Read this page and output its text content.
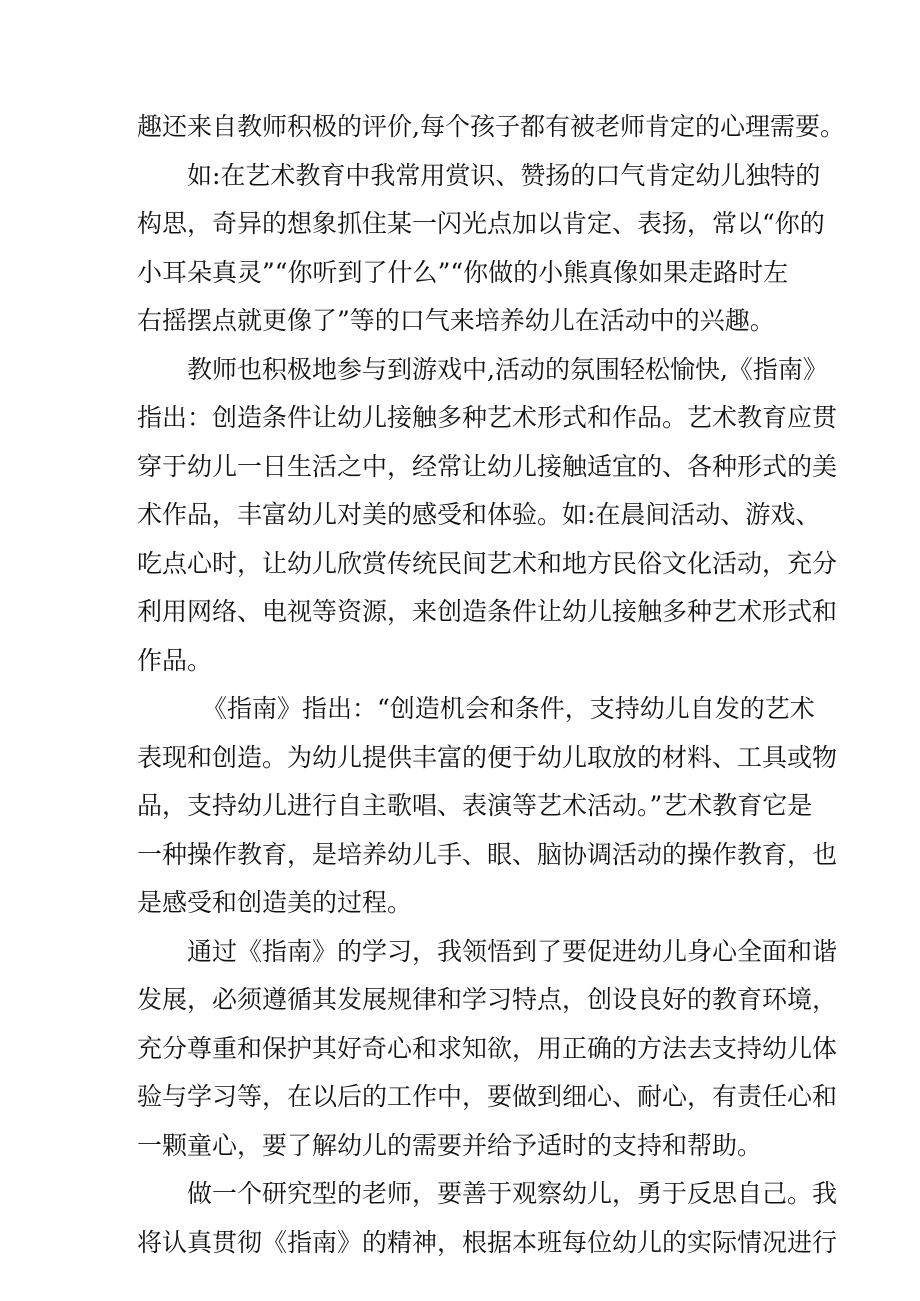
趣还来自教师积极的评价,每个孩子都有被老师肯定的心理需要。
如:在艺术教育中我常用赏识、赞扬的口气肯定幼儿独特的
构思，奇异的想象抓住某一闪光点加以肯定、表扬，常以“你的
小耳朵真灵”“你听到了什么”“你做的小熊真像如果走路时左
右摇摆点就更像了”等的口气来培养幼儿在活动中的兴趣。
教师也积极地参与到游戏中,活动的氛围轻松愉快,《指南》
指出：创造条件让幼儿接触多种艺术形式和作品。艺术教育应贯
穿于幼儿一日生活之中，经常让幼儿接触适宜的、各种形式的美
术作品，丰富幼儿对美的感受和体验。如:在晨间活动、游戏、
吃点心时，让幼儿欣赏传统民间艺术和地方民俗文化活动，充分
利用网络、电视等资源，来创造条件让幼儿接触多种艺术形式和
作品。
《指南》指出：“创造机会和条件，支持幼儿自发的艺术
表现和创造。为幼儿提供丰富的便于幼儿取放的材料、工具或物
品，支持幼儿进行自主歌唱、表演等艺术活动。”艺术教育它是
一种操作教育，是培养幼儿手、眼、脑协调活动的操作教育，也
是感受和创造美的过程。
通过《指南》的学习，我领悟到了要促进幼儿身心全面和谐
发展，必须遵循其发展规律和学习特点，创设良好的教育环境，
充分尊重和保护其好奇心和求知欲，用正确的方法去支持幼儿体
验与学习等，在以后的工作中，要做到细心、耐心，有责任心和
一颗童心，要了解幼儿的需要并给予适时的支持和帮助。
做一个研究型的老师，要善于观察幼儿，勇于反思自己。我
将认真贯彻《指南》的精神，根据本班每位幼儿的实际情况进行
